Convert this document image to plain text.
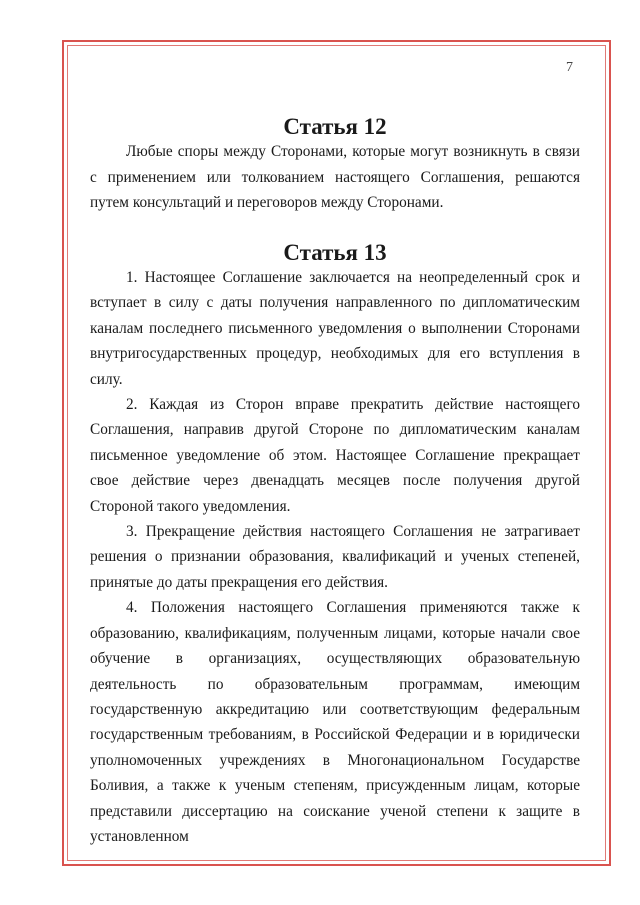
7
Статья 12

Любые споры между Сторонами, которые могут возникнуть в связи с применением или толкованием настоящего Соглашения, решаются путем консультаций и переговоров между Сторонами.

Статья 13

1. Настоящее Соглашение заключается на неопределенный срок и вступает в силу с даты получения направленного по дипломатическим каналам последнего письменного уведомления о выполнении Сторонами внутригосударственных процедур, необходимых для его вступления в силу.

2. Каждая из Сторон вправе прекратить действие настоящего Соглашения, направив другой Стороне по дипломатическим каналам письменное уведомление об этом. Настоящее Соглашение прекращает свое действие через двенадцать месяцев после получения другой Стороной такого уведомления.

3. Прекращение действия настоящего Соглашения не затрагивает решения о признании образования, квалификаций и ученых степеней, принятые до даты прекращения его действия.

4. Положения настоящего Соглашения применяются также к образованию, квалификациям, полученным лицами, которые начали свое обучение в организациях, осуществляющих образовательную деятельность по образовательным программам, имеющим государственную аккредитацию или соответствующим федеральным государственным требованиям, в Российской Федерации и в юридически уполномоченных учреждениях в Многонациональном Государстве Боливия, а также к ученым степеням, присужденным лицам, которые представили диссертацию на соискание ученой степени к защите в установленном
